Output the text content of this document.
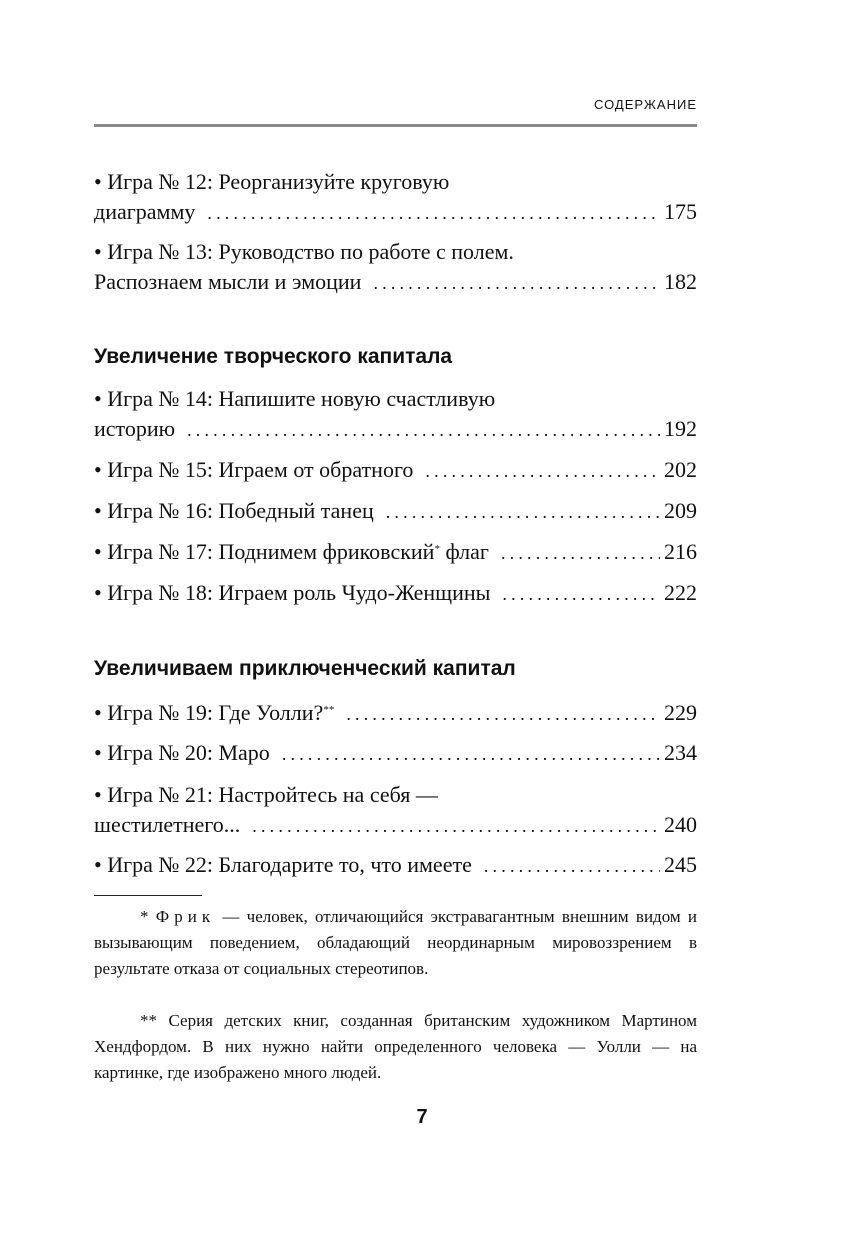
СОДЕРЖАНИЕ
• Игра № 12: Реорганизуйте круговую
диаграмму .....	175
• Игра № 13: Руководство по работе с полем.
Распознаем мысли и эмоции .....	182
Увеличение творческого капитала
• Игра № 14: Напишите новую счастливую
историю .....	192
• Игра № 15: Играем от обратного .....	202
• Игра № 16: Победный танец .....	209
• Игра № 17: Поднимем фриковский* флаг .....	216
• Игра № 18: Играем роль Чудо-Женщины .....	222
Увеличиваем приключенческий капитал
• Игра № 19: Где Уолли?** .....	229
• Игра № 20: Маро .....	234
• Игра № 21: Настройтесь на себя —
шестилетнего... .....	240
• Игра № 22: Благодарите то, что имеете .....	245
* Фрик — человек, отличающийся экстравагантным внешним видом и вызывающим поведением, обладающий неординарным мировоззрением в результате отказа от социальных стереотипов.
** Серия детских книг, созданная британским художником Мартином Хендфордом. В них нужно найти определенного человека — Уолли — на картинке, где изображено много людей.
7
